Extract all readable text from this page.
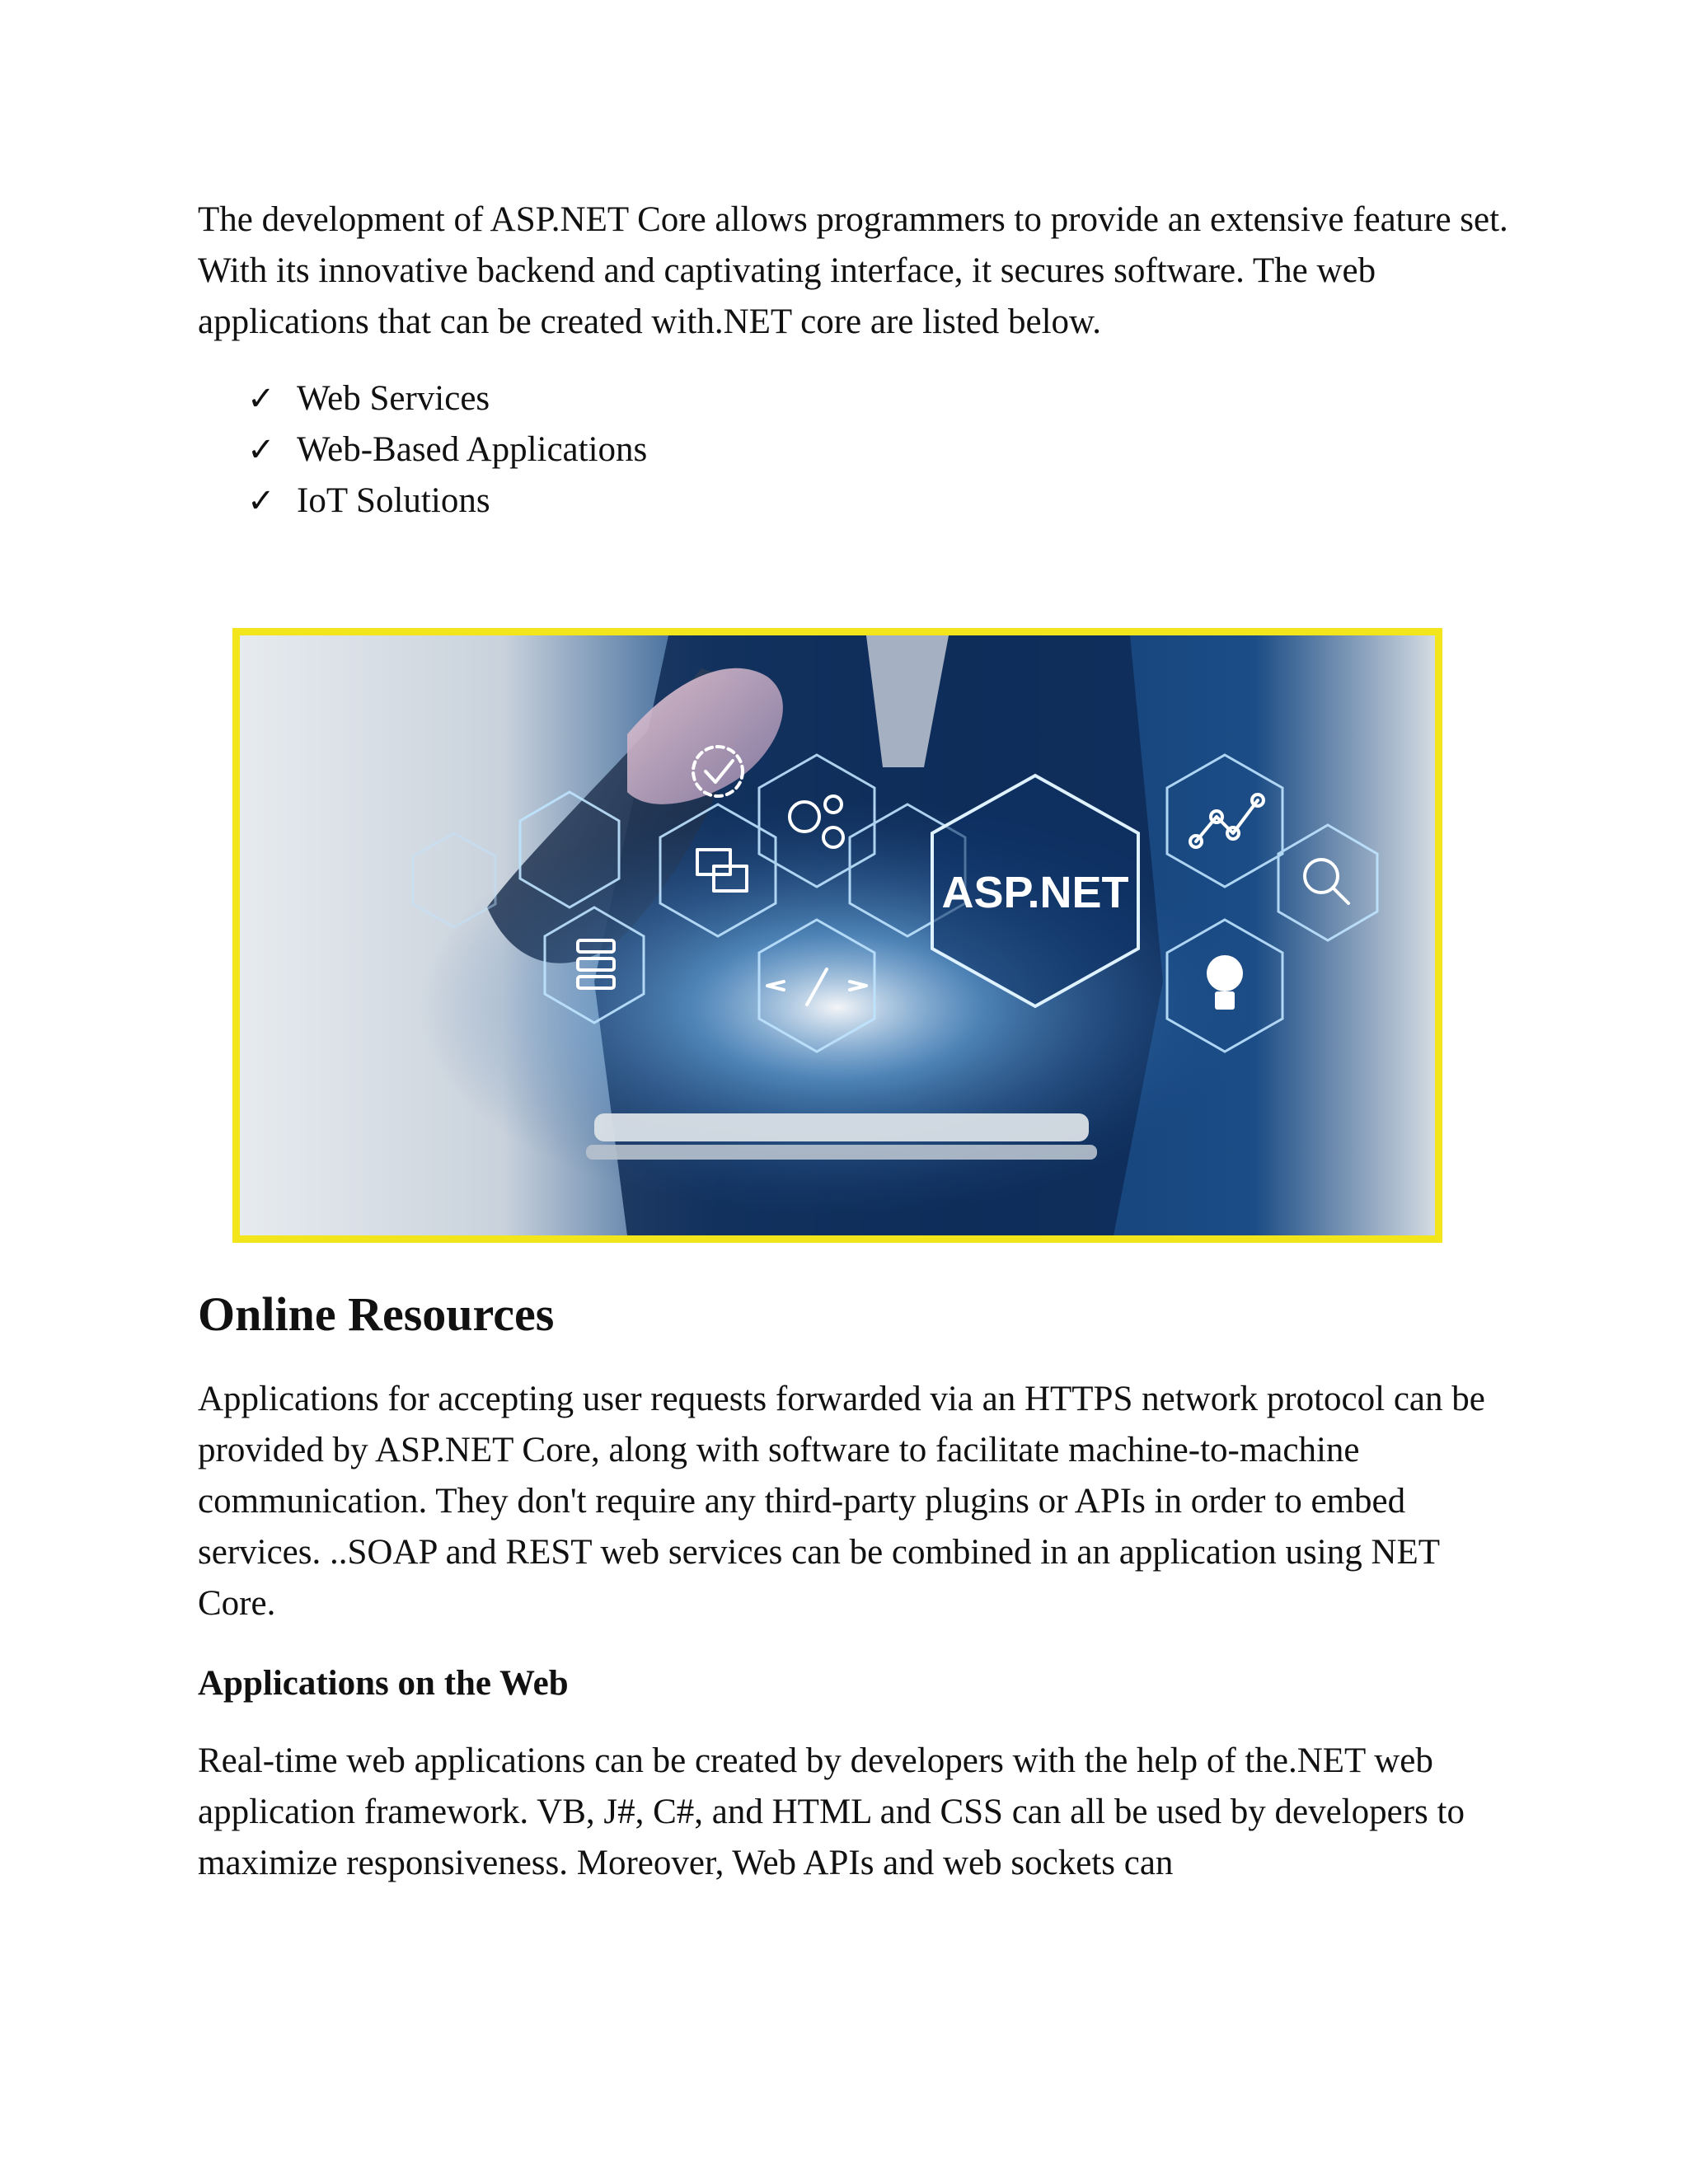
The development of ASP.NET Core allows programmers to provide an extensive feature set. With its innovative backend and captivating interface, it secures software. The web applications that can be created with.NET core are listed below.

✓ Web Services
✓ Web-Based Applications
✓ IoT Solutions
ASP.NET
Online Resources

Applications for accepting user requests forwarded via an HTTPS network protocol can be provided by ASP.NET Core, along with software to facilitate machine-to-machine communication. They don't require any third-party plugins or APIs in order to embed services. ..SOAP and REST web services can be combined in an application using NET Core.

Applications on the Web

Real-time web applications can be created by developers with the help of the.NET web application framework. VB, J#, C#, and HTML and CSS can all be used by developers to maximize responsiveness. Moreover, Web APIs and web sockets can
